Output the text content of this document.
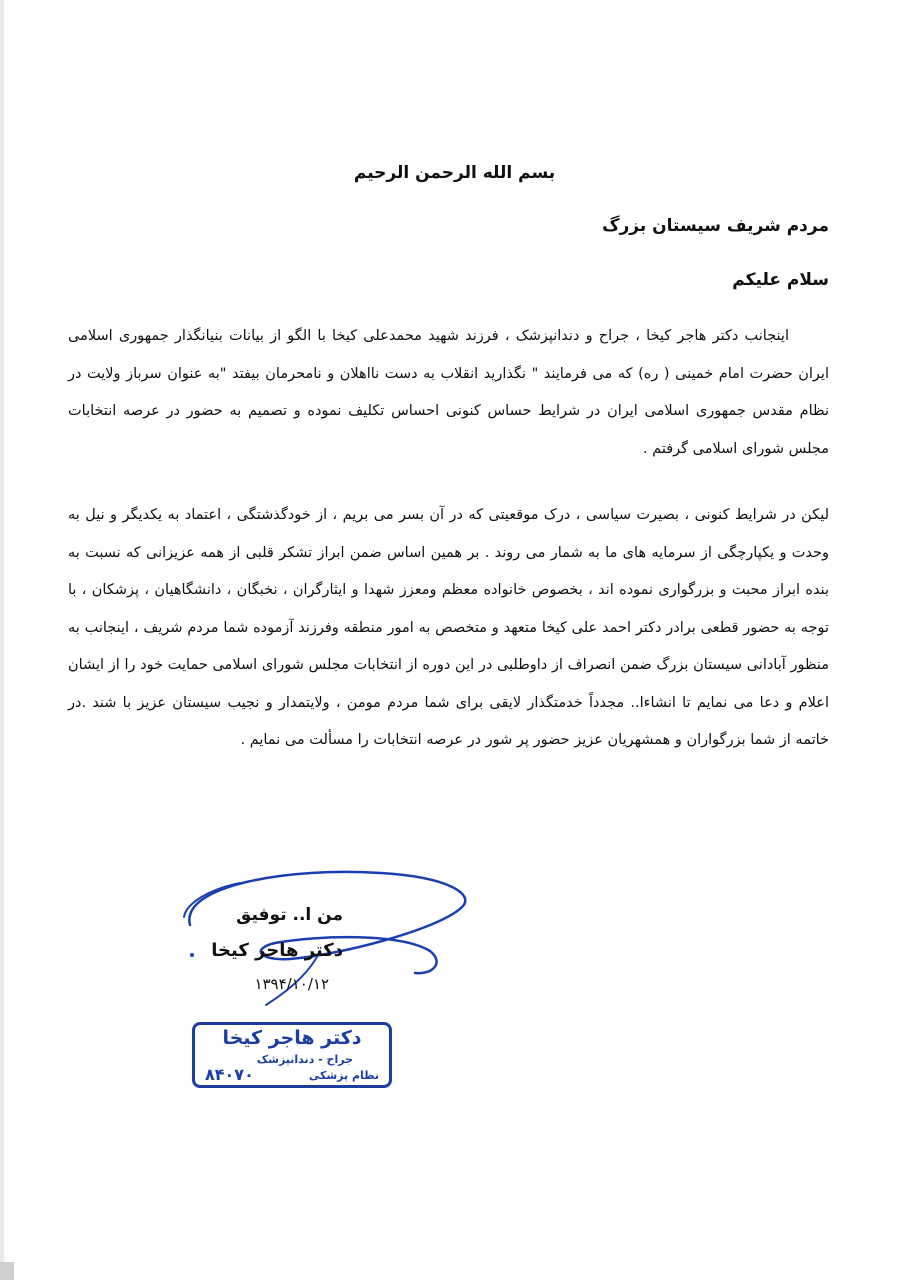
بسم الله الرحمن الرحیم
مردم شریف سیستان بزرگ
سلام علیکم
اینجانب دکتر هاجر کیخا ، جراح و دندانپزشک ، فرزند شهید محمدعلی کیخا با الگو از بیانات بنیانگذار جمهوری اسلامی ایران حضرت امام خمینی ( ره) که می فرمایند " نگذارید انقلاب به دست نااهلان و نامحرمان بیفتد "به عنوان سرباز ولایت در نظام مقدس جمهوری اسلامی ایران در شرایط حساس کنونی احساس تکلیف نموده و تصمیم به حضور در عرصه انتخابات مجلس شورای اسلامی گرفتم .
لیکن در شرایط کنونی ، بصیرت سیاسی ، درک موقعیتی که در آن بسر می بریم ، از خودگذشتگی ، اعتماد به یکدیگر و نیل به وحدت و یکپارچگی از سرمایه های ما به شمار می روند . بر همین اساس ضمن ابراز تشکر قلبی از همه عزیزانی که نسبت به بنده ابراز محبت و بزرگواری نموده اند ، بخصوص خانواده معظم ومعزز شهدا و ایثارگران ، نخبگان ، دانشگاهیان ، پزشکان ، با توجه به حضور قطعی برادر دکتر احمد علی کیخا متعهد و متخصص به امور منطقه وفرزند آزموده شما مردم شریف ، اینجانب به منظور آبادانی سیستان بزرگ ضمن انصراف از داوطلبی در این دوره از انتخابات مجلس شورای اسلامی حمایت خود را از ایشان اعلام و دعا می نمایم تا انشاءا.. مجدداً خدمتگذار لایقی برای شما مردم مومن ، ولایتمدار و نجیب سیستان عزیز با شند .در خاتمه از شما بزرگواران و همشهریان عزیز حضور پر شور در عرصه انتخابات را مسألت می نمایم .
من ا.. توفیق
دکتر هاجر کیخا
۱۳۹۴/۱۰/۱۲
دکتر هاجر کیخا
جراح - دندانپزشک
نظام پزشکی
۸۴۰۷۰
